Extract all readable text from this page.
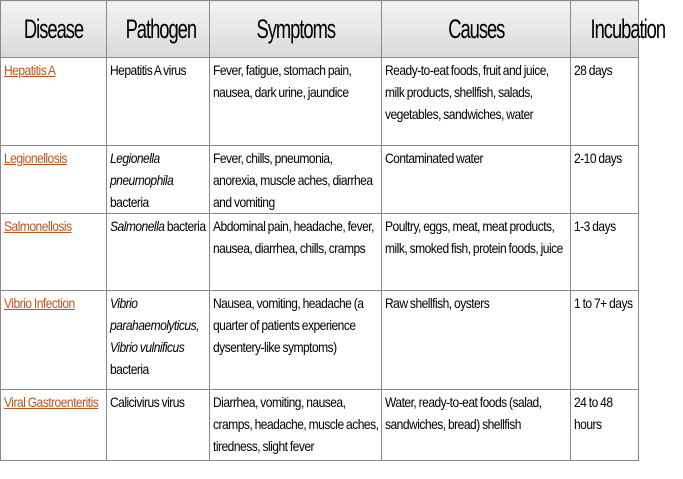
Disease	Pathogen	Symptoms	Causes	Incubation

Hepatitis A	Hepatitis A virus	Fever, fatigue, stomach pain, nausea, dark urine, jaundice	Ready-to-eat foods, fruit and juice, milk products, shellfish, salads, vegetables, sandwiches, water	28 days

Legionellosis	Legionella pneumophila bacteria	Fever, chills, pneumonia, anorexia, muscle aches, diarrhea and vomiting	Contaminated water	2-10 days

Salmonellosis	Salmonella bacteria	Abdominal pain, headache, fever, nausea, diarrhea, chills, cramps	Poultry, eggs, meat, meat products, milk, smoked fish, protein foods, juice	1-3 days

Vibrio Infection	Vibrio parahaemolyticus, Vibrio vulnificus bacteria	Nausea, vomiting, headache (a quarter of patients experience dysentery-like symptoms)	Raw shellfish, oysters	1 to 7+ days

Viral Gastroenteritis	Calicivirus virus	Diarrhea, vomiting, nausea, cramps, headache, muscle aches, tiredness, slight fever	Water, ready-to-eat foods (salad, sandwiches, bread) shellfish	24 to 48 hours
